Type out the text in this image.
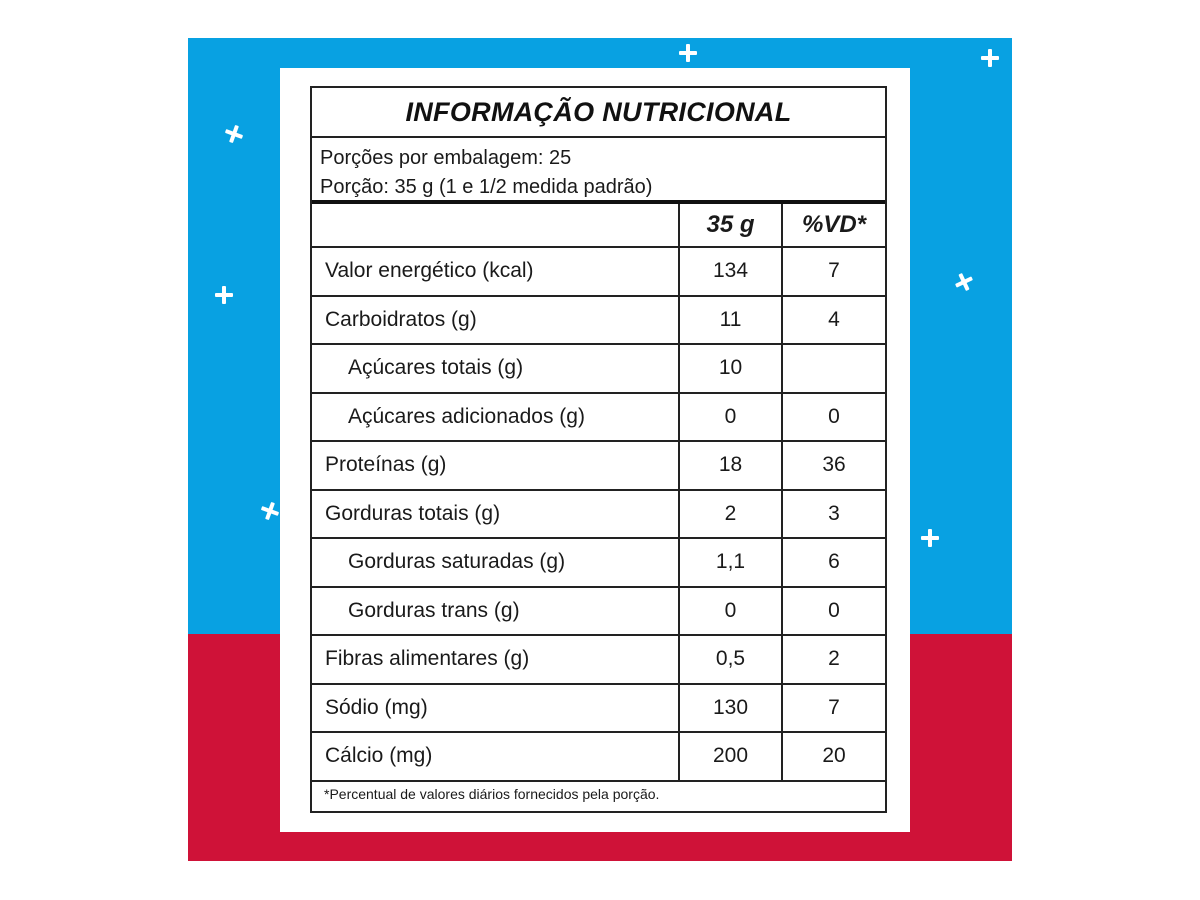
INFORMAÇÃO NUTRICIONAL
Porções por embalagem: 25
Porção: 35 g (1 e 1/2 medida padrão)
	35 g	%VD*
Valor energético (kcal)	134	7
Carboidratos (g)	11	4
Açúcares totais (g)	10	
Açúcares adicionados (g)	0	0
Proteínas (g)	18	36
Gorduras totais (g)	2	3
Gorduras saturadas (g)	1,1	6
Gorduras trans (g)	0	0
Fibras alimentares (g)	0,5	2
Sódio (mg)	130	7
Cálcio (mg)	200	20
*Percentual de valores diários fornecidos pela porção.
